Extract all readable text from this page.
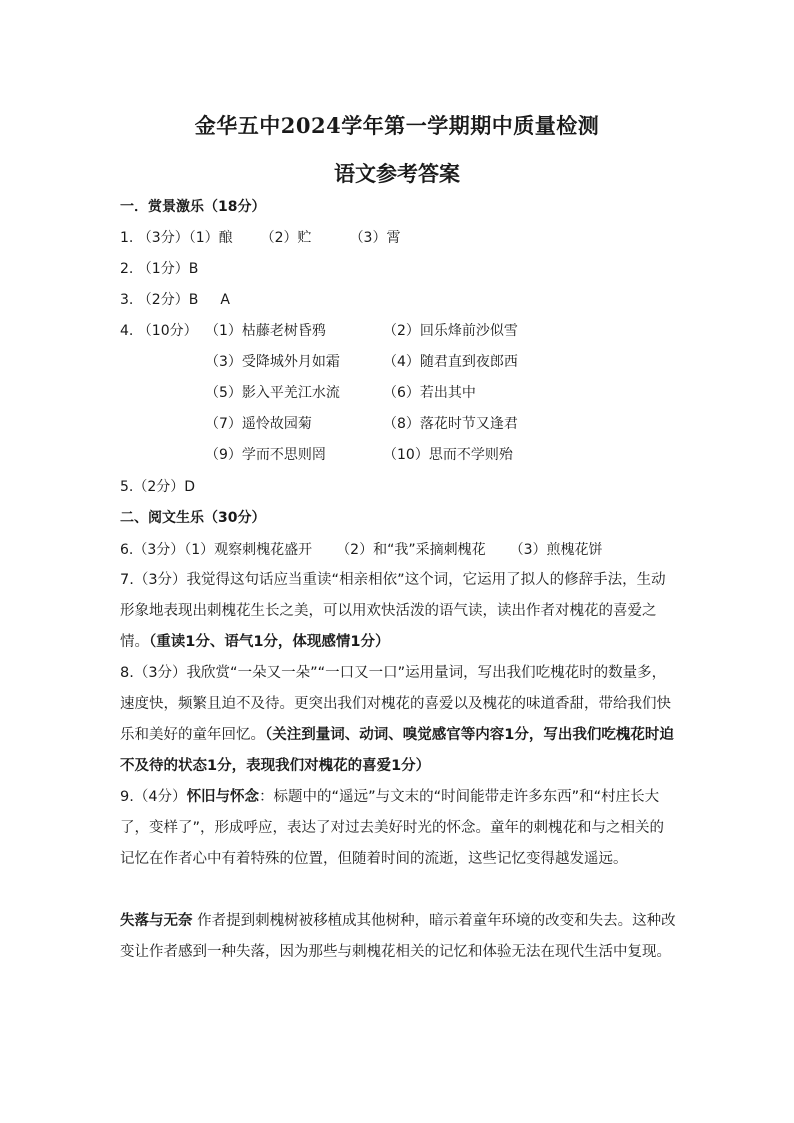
金华五中2024学年第一学期期中质量检测
语文参考答案
一．赏景激乐（18分）
1. （3分）（1）酿 （2）贮	（3）霄
2. （1分）B
3. （2分）B A
4. （10分） （1）枯藤老树昏鸦	（2）回乐烽前沙似雪
（3）受降城外月如霜	（4）随君直到夜郎西
（5）影入平羌江水流	（6）若出其中
（7）遥怜故园菊	（8）落花时节又逢君
（9）学而不思则罔	（10）思而不学则殆
5.（2分）D
二、阅文生乐（30分）
6.（3分）（1）观察刺槐花盛开 （2）和“我”采摘刺槐花 （3）煎槐花饼
7.（3分）我觉得这句话应当重读“相亲相依”这个词，它运用了拟人的修辞手法，生动形象地表现出刺槐花生长之美，可以用欢快活泼的语气读，读出作者对槐花的喜爱之情。（重读1分、语气1分，体现感情1分）
8.（3分）我欣赏“一朵又一朵”“一口又一口”运用量词，写出我们吃槐花时的数量多，速度快，频繁且迫不及待。更突出我们对槐花的喜爱以及槐花的味道香甜，带给我们快乐和美好的童年回忆。（关注到量词、动词、嗅觉感官等内容1分，写出我们吃槐花时迫不及待的状态1分，表现我们对槐花的喜爱1分）
9.（4分）怀旧与怀念：标题中的“遥远”与文末的“时间能带走许多东西”和“村庄长大了，变样了”，形成呼应，表达了对过去美好时光的怀念。童年的刺槐花和与之相关的记忆在作者心中有着特殊的位置，但随着时间的流逝，这些记忆变得越发遥远。
失落与无奈 作者提到刺槐树被移植成其他树种，暗示着童年环境的改变和失去。这种改变让作者感到一种失落，因为那些与刺槐花相关的记忆和体验无法在现代生活中复现。
